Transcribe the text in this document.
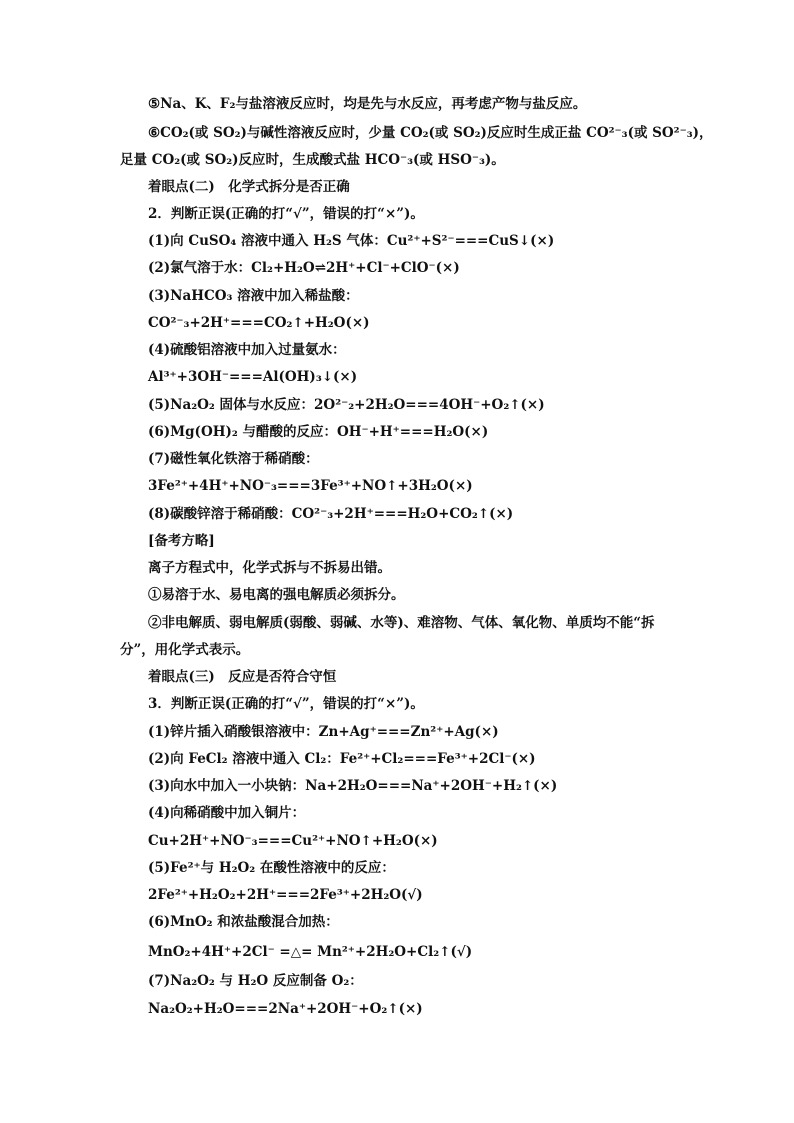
⑤Na、K、F₂与盐溶液反应时，均是先与水反应，再考虑产物与盐反应。
⑥CO₂(或 SO₂)与碱性溶液反应时，少量 CO₂(或 SO₂)反应时生成正盐 CO²⁻₃(或 SO²⁻₃)，
足量 CO₂(或 SO₂)反应时，生成酸式盐 HCO⁻₃(或 HSO⁻₃)。
着眼点(二)　化学式拆分是否正确
2．判断正误(正确的打“√”，错误的打“×”)。
(1)向 CuSO₄ 溶液中通入 H₂S 气体：Cu²⁺+S²⁻===CuS↓(×)
(2)氯气溶于水：Cl₂+H₂O⇌2H⁺+Cl⁻+ClO⁻(×)
(3)NaHCO₃ 溶液中加入稀盐酸：
CO²⁻₃+2H⁺===CO₂↑+H₂O(×)
(4)硫酸铝溶液中加入过量氨水：
Al³⁺+3OH⁻===Al(OH)₃↓(×)
(5)Na₂O₂ 固体与水反应：2O²⁻₂+2H₂O===4OH⁻+O₂↑(×)
(6)Mg(OH)₂ 与醋酸的反应：OH⁻+H⁺===H₂O(×)
(7)磁性氧化铁溶于稀硝酸：
3Fe²⁺+4H⁺+NO⁻₃===3Fe³⁺+NO↑+3H₂O(×)
(8)碳酸锌溶于稀硝酸：CO²⁻₃+2H⁺===H₂O+CO₂↑(×)
[备考方略]
离子方程式中，化学式拆与不拆易出错。
①易溶于水、易电离的强电解质必须拆分。
②非电解质、弱电解质(弱酸、弱碱、水等)、难溶物、气体、氧化物、单质均不能“拆
分”，用化学式表示。
着眼点(三)　反应是否符合守恒
3．判断正误(正确的打“√”，错误的打“×”)。
(1)锌片插入硝酸银溶液中：Zn+Ag⁺===Zn²⁺+Ag(×)
(2)向 FeCl₂ 溶液中通入 Cl₂：Fe²⁺+Cl₂===Fe³⁺+2Cl⁻(×)
(3)向水中加入一小块钠：Na+2H₂O===Na⁺+2OH⁻+H₂↑(×)
(4)向稀硝酸中加入铜片：
Cu+2H⁺+NO⁻₃===Cu²⁺+NO↑+H₂O(×)
(5)Fe²⁺与 H₂O₂ 在酸性溶液中的反应：
2Fe²⁺+H₂O₂+2H⁺===2Fe³⁺+2H₂O(√)
(6)MnO₂ 和浓盐酸混合加热：
MnO₂+4H⁺+2Cl⁻ =△= Mn²⁺+2H₂O+Cl₂↑(√)
(7)Na₂O₂ 与 H₂O 反应制备 O₂：
Na₂O₂+H₂O===2Na⁺+2OH⁻+O₂↑(×)
